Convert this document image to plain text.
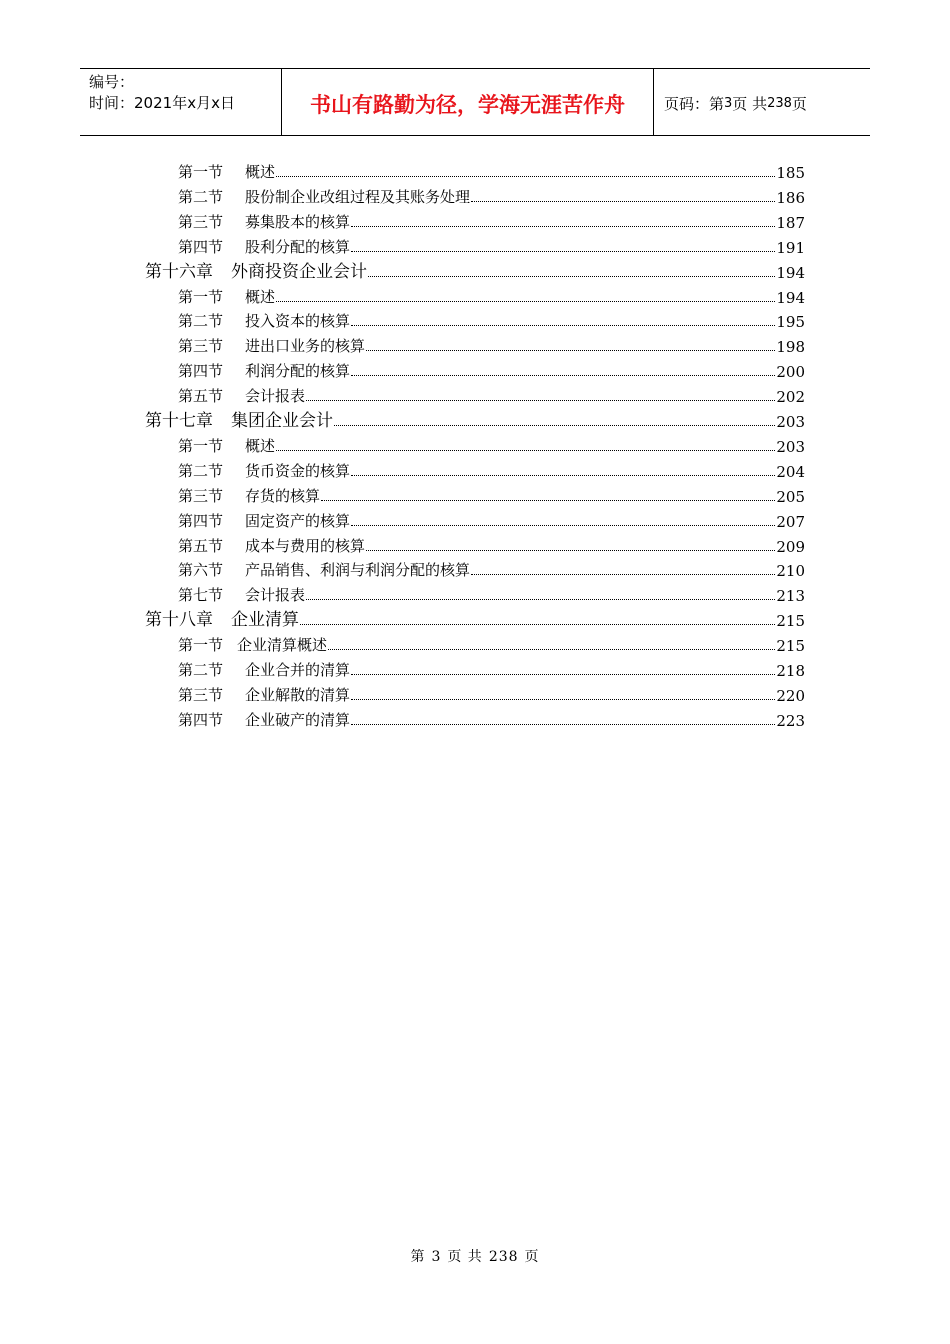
编号：
时间：2021年x月x日	书山有路勤为径，学海无涯苦作舟	页码：第 3 页 共 238 页
第一节 概述	185
第二节 股份制企业改组过程及其账务处理	186
第三节 募集股本的核算	187
第四节 股利分配的核算	191
第十六章 外商投资企业会计	194
第一节 概述	194
第二节 投入资本的核算	195
第三节 进出口业务的核算	198
第四节 利润分配的核算	200
第五节 会计报表	202
第十七章 集团企业会计	203
第一节 概述	203
第二节 货币资金的核算	204
第三节 存货的核算	205
第四节 固定资产的核算	207
第五节 成本与费用的核算	209
第六节 产品销售、利润与利润分配的核算	210
第七节 会计报表	213
第十八章 企业清算	215
第一节 企业清算概述	215
第二节 企业合并的清算	218
第三节 企业解散的清算	220
第四节 企业破产的清算	223
第 3 页 共 238 页
